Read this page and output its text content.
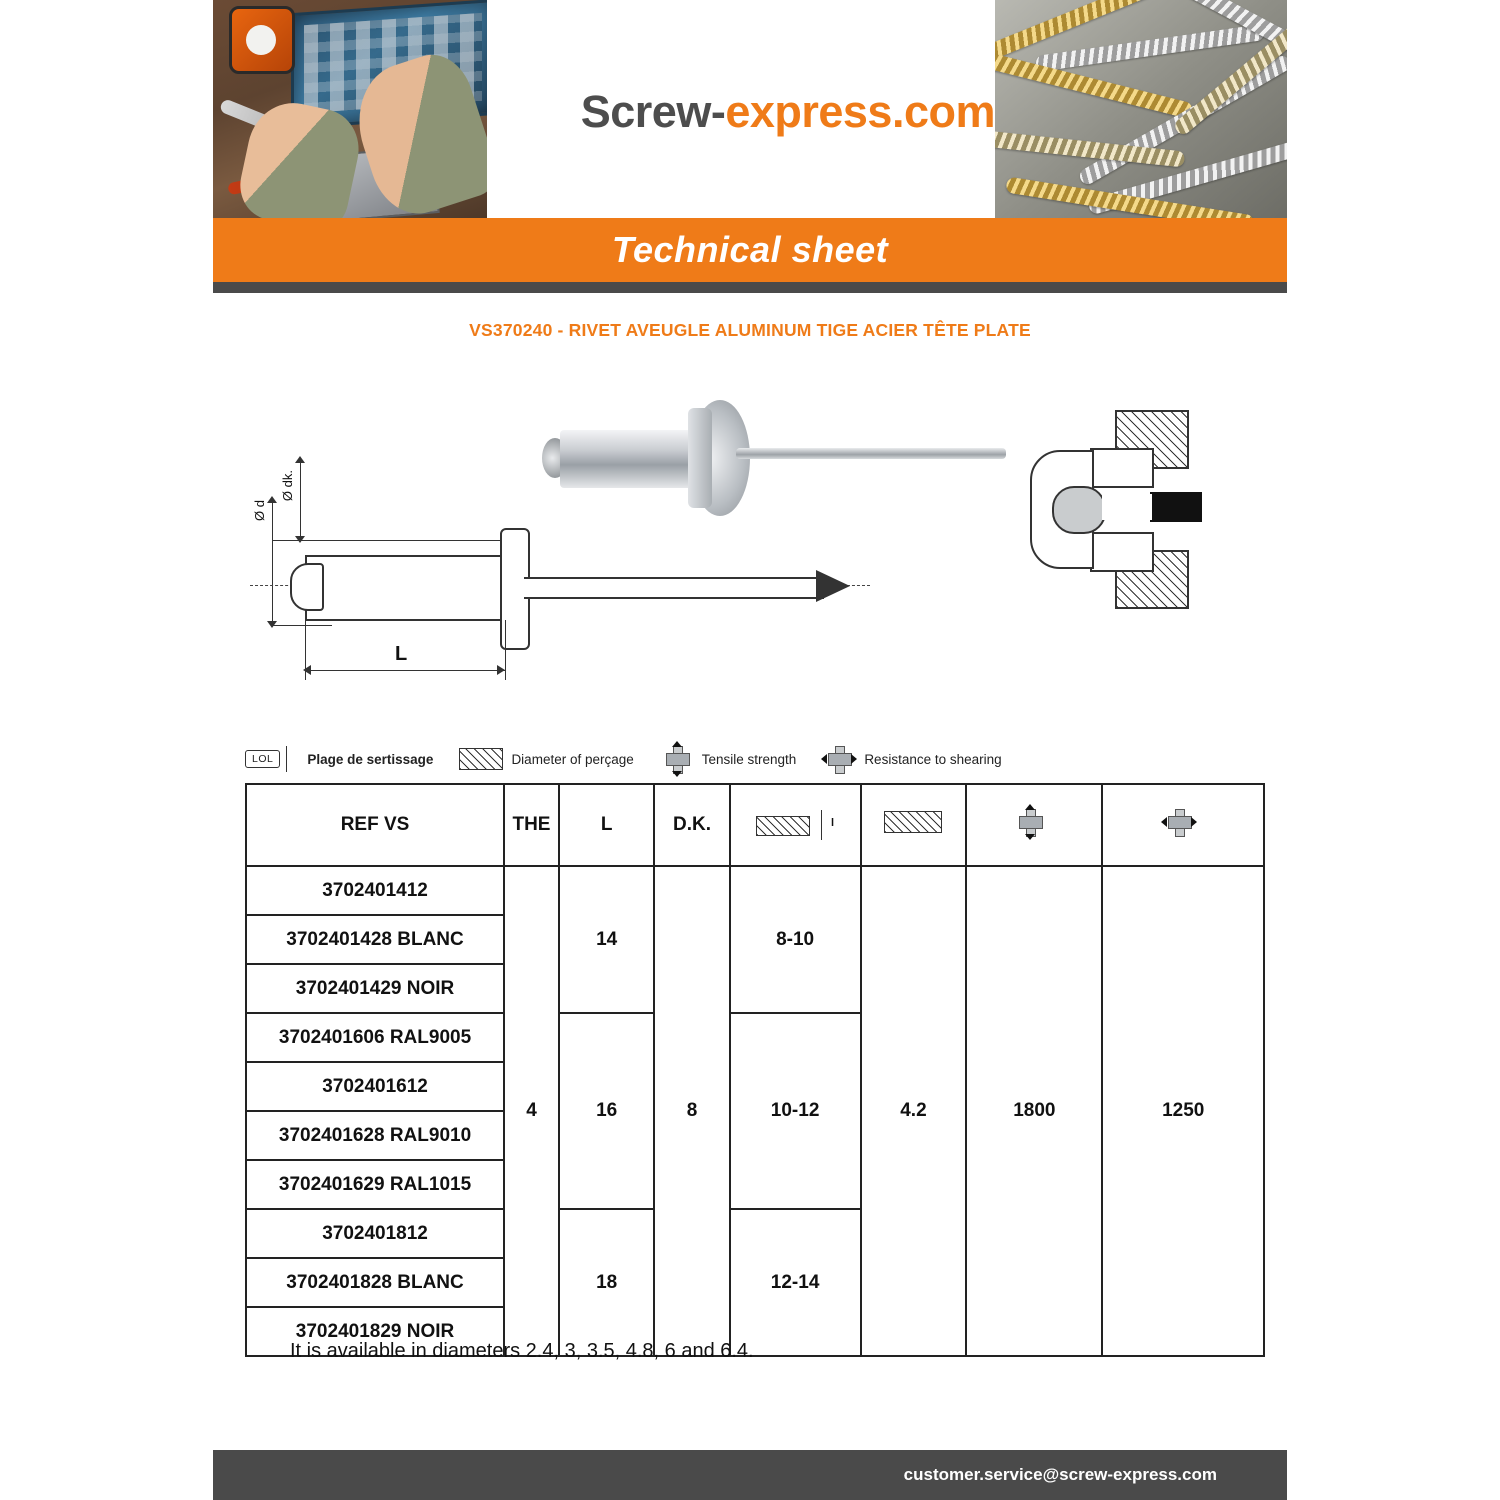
Screw-express.com
Technical sheet
VS370240 - RIVET AVEUGLE ALUMINUM TIGE ACIER TÊTE PLATE
Ø dk.
Ø d
L
LOL	Plage de sertissage	Diameter of perçage	Tensile strength	Resistance to shearing
REF VS	THE	L	D.K.	l			

3702401412	4	14	8	8-10	4.2	1800	1250
3702401428 BLANC							
3702401429 NOIR							
3702401606 RAL9005		16		10-12			
3702401612							
3702401628 RAL9010							
3702401629 RAL1015							
3702401812		18		12-14			
3702401828 BLANC							
3702401829 NOIR							
It is available in diameters 2.4, 3, 3.5, 4.8, 6 and 6.4.
customer.service@screw-express.com
